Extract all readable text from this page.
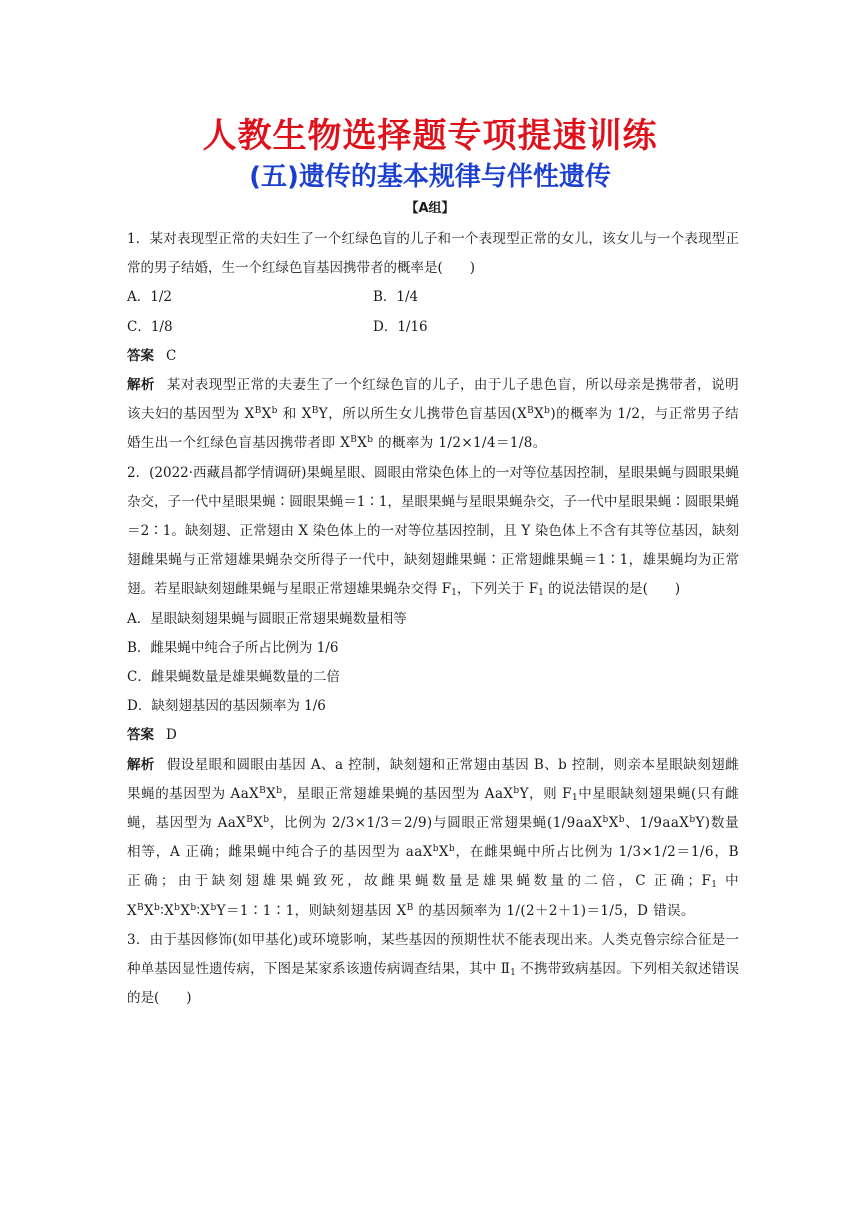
人教生物选择题专项提速训练
(五)遗传的基本规律与伴性遗传
【A组】
1．某对表现型正常的夫妇生了一个红绿色盲的儿子和一个表现型正常的女儿，该女儿与一个表现型正常的男子结婚，生一个红绿色盲基因携带者的概率是(　　)
A．1/2	B．1/4
C．1/8	D．1/16
答案 C
解析 某对表现型正常的夫妻生了一个红绿色盲的儿子，由于儿子患色盲，所以母亲是携带者，说明该夫妇的基因型为 $X^BX^b$ 和 $X^BY$，所以所生女儿携带色盲基因$(X^BX^b)$的概率为 1/2，与正常男子结婚生出一个红绿色盲基因携带者即 $X^BX^b$ 的概率为 1/2×1/4＝1/8。
2．(2022·西藏昌都学情调研)果蝇星眼、圆眼由常染色体上的一对等位基因控制，星眼果蝇与圆眼果蝇杂交，子一代中星眼果蝇∶圆眼果蝇＝1∶1，星眼果蝇与星眼果蝇杂交，子一代中星眼果蝇∶圆眼果蝇＝2∶1。缺刻翅、正常翅由 X 染色体上的一对等位基因控制，且 Y 染色体上不含有其等位基因，缺刻翅雌果蝇与正常翅雄果蝇杂交所得子一代中，缺刻翅雌果蝇∶正常翅雌果蝇＝1∶1，雄果蝇均为正常翅。若星眼缺刻翅雌果蝇与星眼正常翅雄果蝇杂交得 $F_1$，下列关于 $F_1$ 的说法错误的是(　　)
A．星眼缺刻翅果蝇与圆眼正常翅果蝇数量相等
B．雌果蝇中纯合子所占比例为 1/6
C．雌果蝇数量是雄果蝇数量的二倍
D．缺刻翅基因的基因频率为 1/6
答案 D
解析 假设星眼和圆眼由基因 A、a 控制，缺刻翅和正常翅由基因 B、b 控制，则亲本星眼缺刻翅雌果蝇的基因型为 $AaX^BX^b$，星眼正常翅雄果蝇的基因型为 AaX$^b$Y，则 $F_1$中星眼缺刻翅果蝇(只有雌蝇，基因型为 $AaX^BX^b$，比例为 2/3×1/3＝2/9)与圆眼正常翅果蝇($1/9aaX^bX^b$、1/9aaX$^b$Y)数量相等，A 正确；雌果蝇中纯合子的基因型为 $aaX^bX^b$，在雌果蝇中所占比例为 1/3×1/2＝1/6，B 正确；由于缺刻翅雄果蝇致死，故雌果蝇数量是雄果蝇数量的二倍，C 正确；$F_1$ 中 $X^BX^b∶X^bX^b∶X^bY=1∶1∶1$，则缺刻翅基因 $X^B$ 的基因频率为 1/(2＋2＋1)＝1/5，D 错误。
3．由于基因修饰(如甲基化)或环境影响，某些基因的预期性状不能表现出来。人类克鲁宗综合征是一种单基因显性遗传病，下图是某家系该遗传病调查结果，其中 $Ⅱ_1$ 不携带致病基因。下列相关叙述错误的是(　　)
